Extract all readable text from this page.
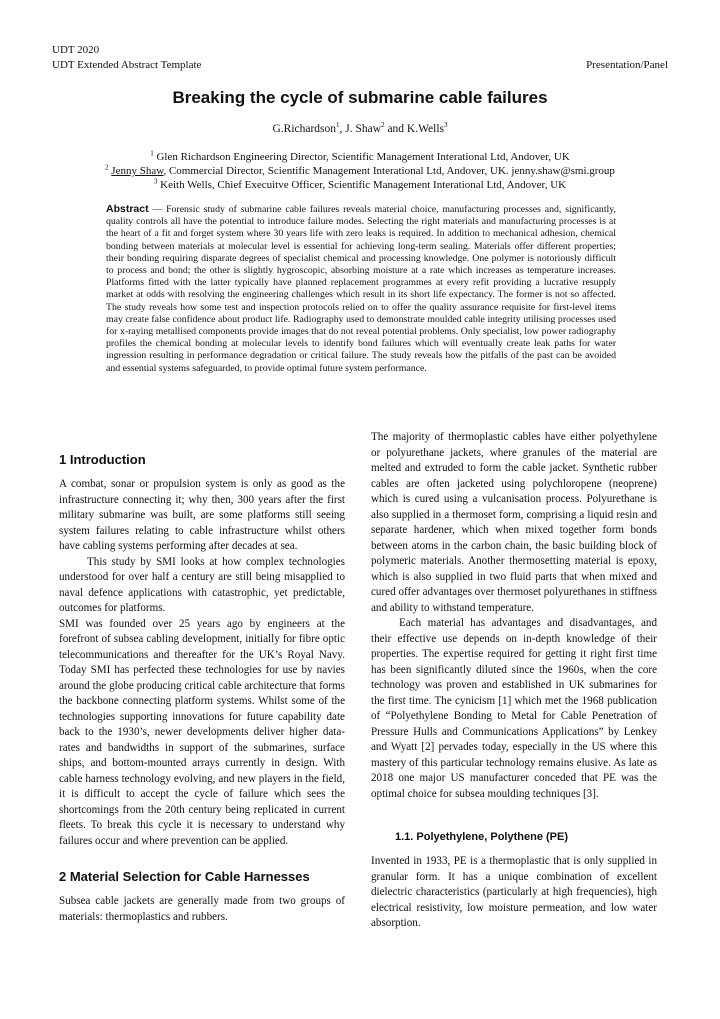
UDT 2020
UDT Extended Abstract Template	Presentation/Panel
Breaking the cycle of submarine cable failures
G.Richardson$^1$, J. Shaw$^2$ and K.Wells$^3$
$^1$ Glen Richardson Engineering Director, Scientific Management Interational Ltd, Andover, UK
$^2$ Jenny Shaw, Commercial Director, Scientific Management Interational Ltd, Andover, UK. jenny.shaw@smi.group
$^3$ Keith Wells, Chief Execuitve Officer, Scientific Management Interational Ltd, Andover, UK
Abstract — Forensic study of submarine cable failures reveals material choice, manufacturing processes and, significantly, quality controls all have the potential to introduce failure modes. Selecting the right materials and manufacturing processes is at the heart of a fit and forget system where 30 years life with zero leaks is required. In addition to mechanical adhesion, chemical bonding between materials at molecular level is essential for achieving long-term sealing. Materials offer different properties; their bonding requiring disparate degrees of specialist chemical and processing knowledge. One polymer is notoriously difficult to process and bond; the other is slightly hygroscopic, absorbing moisture at a rate which increases as temperature increases. Platforms fitted with the latter typically have planned replacement programmes at every refit providing a lucrative resupply market at odds with resolving the engineering challenges which result in its short life expectancy. The former is not so affected. The study reveals how some test and inspection protocols relied on to offer the quality assurance requisite for first-level items may create false confidence about product life. Radiography used to demonstrate moulded cable integrity utilising processes used for x-raying metallised components provide images that do not reveal potential problems. Only specialist, low power radiography profiles the chemical bonding at molecular levels to identify bond failures which will eventually create leak paths for water ingression resulting in performance degradation or critical failure. The study reveals how the pitfalls of the past can be avoided and essential systems safeguarded, to provide optimal future system performance.

1 Introduction

A combat, sonar or propulsion system is only as good as the infrastructure connecting it; why then, 300 years after the first military submarine was built, are some platforms still seeing system failures relating to cable infrastructure whilst others have cabling systems performing after decades at sea.

This study by SMI looks at how complex technologies understood for over half a century are still being misapplied to naval defence applications with catastrophic, yet predictable, outcomes for platforms.

SMI was founded over 25 years ago by engineers at the forefront of subsea cabling development, initially for fibre optic telecommunications and thereafter for the UK’s Royal Navy. Today SMI has perfected these technologies for use by navies around the globe producing critical cable architecture that forms the backbone connecting platform systems. Whilst some of the technologies supporting innovations for future capability date back to the 1930’s, newer developments deliver higher data-rates and bandwidths in support of the submarines, surface ships, and bottom-mounted arrays currently in design. With cable harness technology evolving, and new players in the field, it is difficult to accept the cycle of failure which sees the shortcomings from the 20th century being replicated in current fleets. To break this cycle it is necessary to understand why failures occur and where prevention can be applied.

2 Material Selection for Cable Harnesses

Subsea cable jackets are generally made from two groups of materials: thermoplastics and rubbers.

The majority of thermoplastic cables have either polyethylene or polyurethane jackets, where granules of the material are melted and extruded to form the cable jacket. Synthetic rubber cables are often jacketed using polychloropene (neoprene) which is cured using a vulcanisation process. Polyurethane is also supplied in a thermoset form, comprising a liquid resin and separate hardener, which when mixed together form bonds between atoms in the carbon chain, the basic building block of polymeric materials. Another thermosetting material is epoxy, which is also supplied in two fluid parts that when mixed and cured offer advantages over thermoset polyurethanes in stiffness and ability to withstand temperature.

Each material has advantages and disadvantages, and their effective use depends on in-depth knowledge of their properties. The expertise required for getting it right first time has been significantly diluted since the 1960s, when the core technology was proven and established in UK submarines for the first time. The cynicism [1] which met the 1968 publication of “Polyethylene Bonding to Metal for Cable Penetration of Pressure Hulls and Communications Applications” by Lenkey and Wyatt [2] pervades today, especially in the US where this mastery of this particular technology remains elusive. As late as 2018 one major US manufacturer conceded that PE was the optimal choice for subsea moulding techniques [3].

1.1. Polyethylene, Polythene (PE)

Invented in 1933, PE is a thermoplastic that is only supplied in granular form. It has a unique combination of excellent dielectric characteristics (particularly at high frequencies), high electrical resistivity, low moisture permeation, and low water absorption.
